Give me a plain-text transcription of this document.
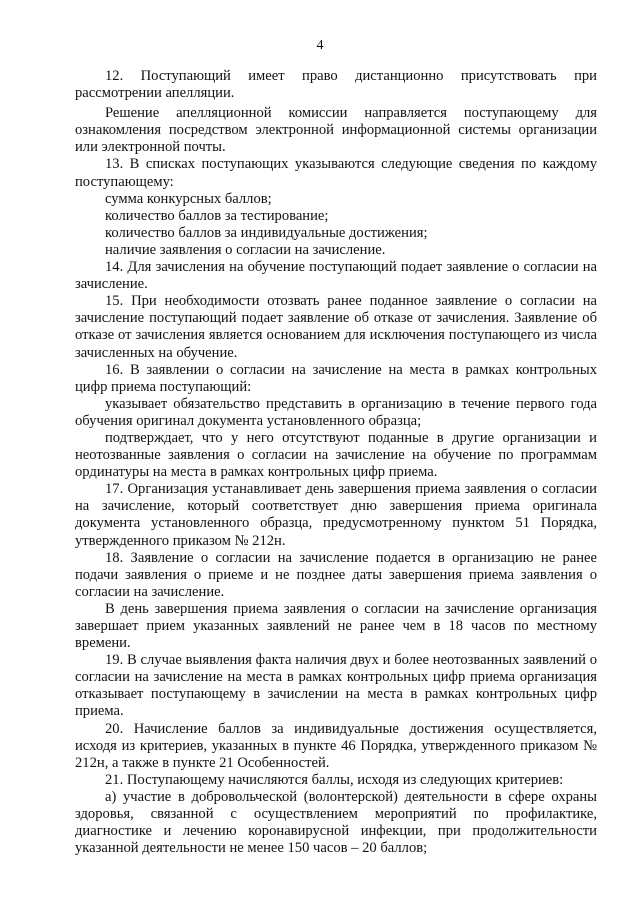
4

12. Поступающий имеет право дистанционно присутствовать при рассмотрении апелляции.

Решение апелляционной комиссии направляется поступающему для ознакомления посредством электронной информационной системы организации или электронной почты.

13. В списках поступающих указываются следующие сведения по каждому поступающему:

сумма конкурсных баллов;

количество баллов за тестирование;

количество баллов за индивидуальные достижения;

наличие заявления о согласии на зачисление.

14. Для зачисления на обучение поступающий подает заявление о согласии на зачисление.

15. При необходимости отозвать ранее поданное заявление о согласии на зачисление поступающий подает заявление об отказе от зачисления. Заявление об отказе от зачисления является основанием для исключения поступающего из числа зачисленных на обучение.

16. В заявлении о согласии на зачисление на места в рамках контрольных цифр приема поступающий:

указывает обязательство представить в организацию в течение первого года обучения оригинал документа установленного образца;

подтверждает, что у него отсутствуют поданные в другие организации и неотозванные заявления о согласии на зачисление на обучение по программам ординатуры на места в рамках контрольных цифр приема.

17. Организация устанавливает день завершения приема заявления о согласии на зачисление, который соответствует дню завершения приема оригинала документа установленного образца, предусмотренному пунктом 51 Порядка, утвержденного приказом № 212н.

18. Заявление о согласии на зачисление подается в организацию не ранее подачи заявления о приеме и не позднее даты завершения приема заявления о согласии на зачисление.

В день завершения приема заявления о согласии на зачисление организация завершает прием указанных заявлений не ранее чем в 18 часов по местному времени.

19. В случае выявления факта наличия двух и более неотозванных заявлений о согласии на зачисление на места в рамках контрольных цифр приема организация отказывает поступающему в зачислении на места в рамках контрольных цифр приема.

20. Начисление баллов за индивидуальные достижения осуществляется, исходя из критериев, указанных в пункте 46 Порядка, утвержденного приказом № 212н, а также в пункте 21 Особенностей.

21. Поступающему начисляются баллы, исходя из следующих критериев:

а) участие в добровольческой (волонтерской) деятельности в сфере охраны здоровья, связанной с осуществлением мероприятий по профилактике, диагностике и лечению коронавирусной инфекции, при продолжительности указанной деятельности не менее 150 часов – 20 баллов;
